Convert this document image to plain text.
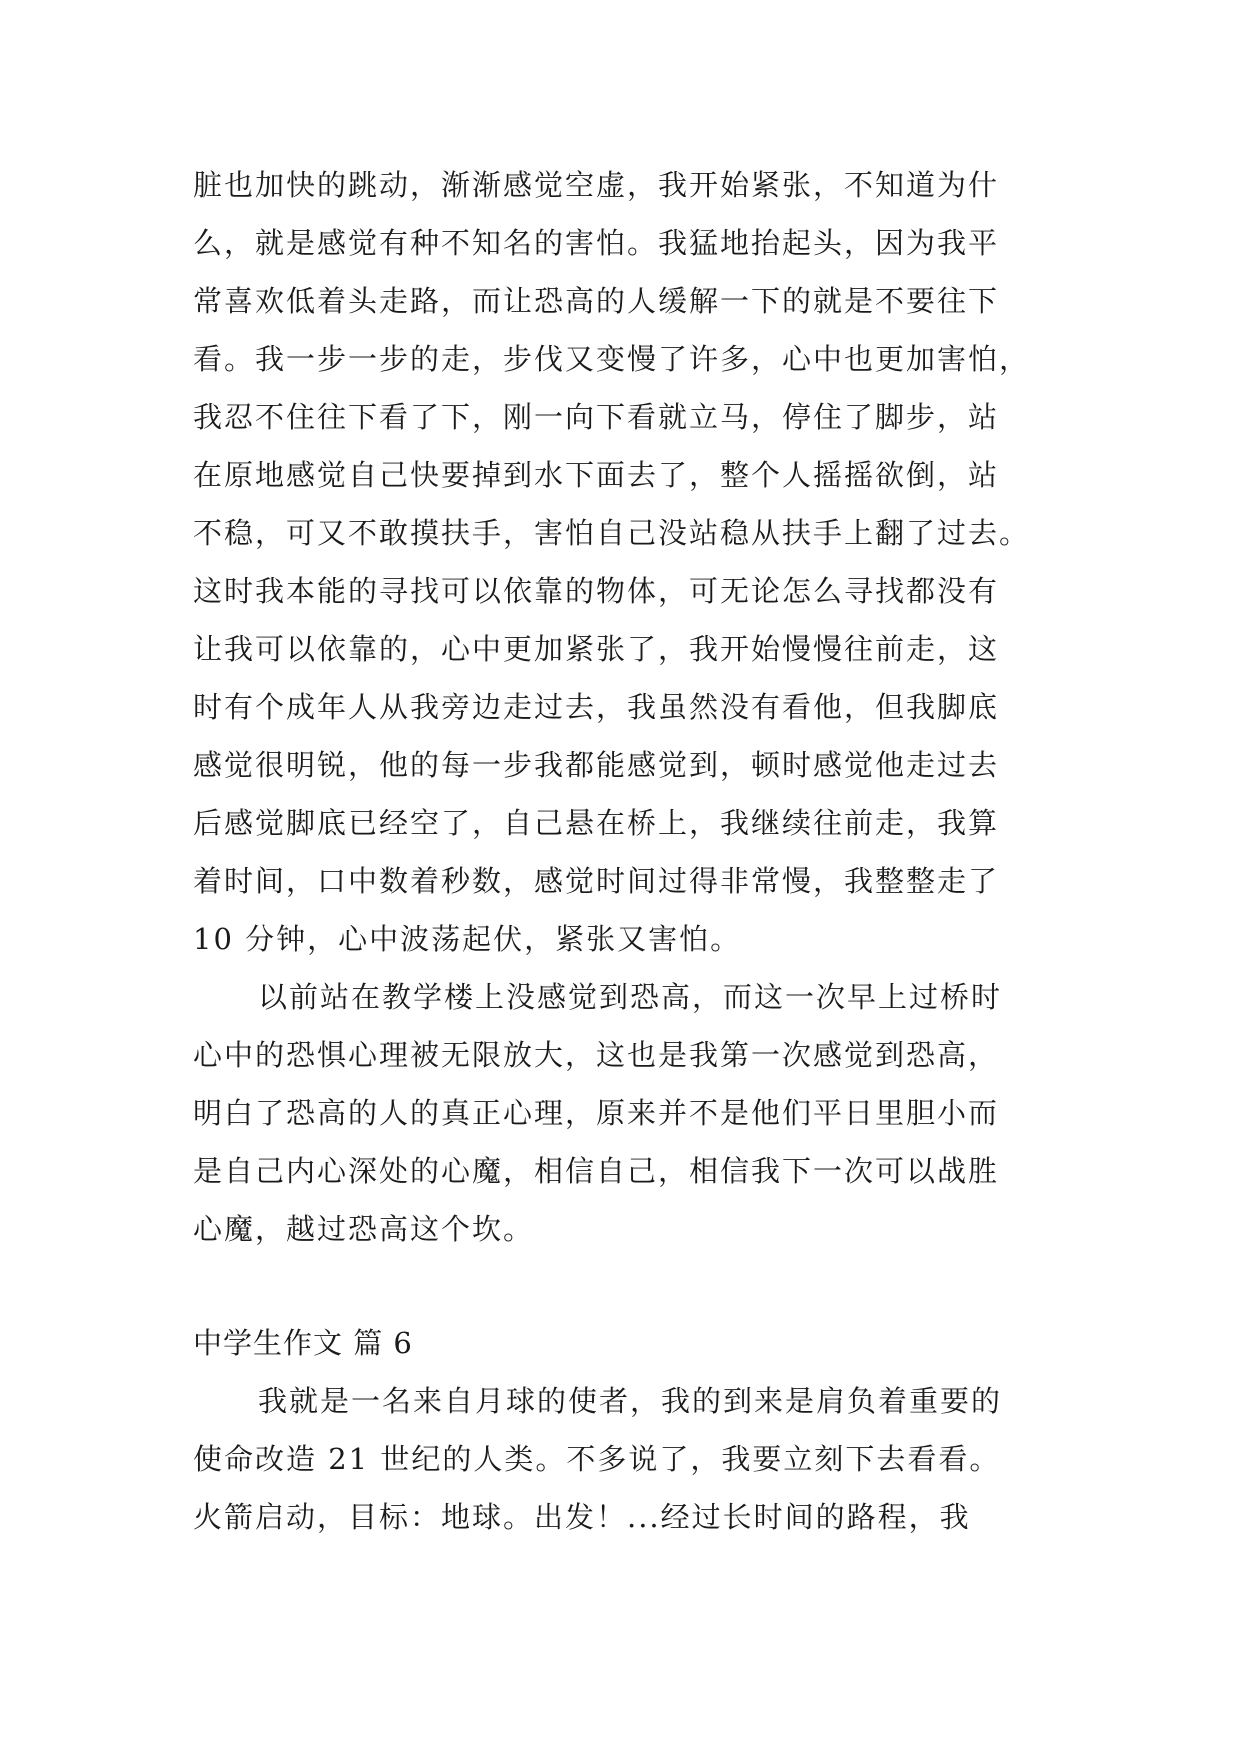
脏也加快的跳动，渐渐感觉空虚，我开始紧张，不知道为什
么，就是感觉有种不知名的害怕。我猛地抬起头，因为我平
常喜欢低着头走路，而让恐高的人缓解一下的就是不要往下
看。我一步一步的走，步伐又变慢了许多，心中也更加害怕，
我忍不住往下看了下，刚一向下看就立马，停住了脚步，站
在原地感觉自己快要掉到水下面去了，整个人摇摇欲倒，站
不稳，可又不敢摸扶手，害怕自己没站稳从扶手上翻了过去。
这时我本能的寻找可以依靠的物体，可无论怎么寻找都没有
让我可以依靠的，心中更加紧张了，我开始慢慢往前走，这
时有个成年人从我旁边走过去，我虽然没有看他，但我脚底
感觉很明锐，他的每一步我都能感觉到，顿时感觉他走过去
后感觉脚底已经空了，自己悬在桥上，我继续往前走，我算
着时间，口中数着秒数，感觉时间过得非常慢，我整整走了
10 分钟，心中波荡起伏，紧张又害怕。
以前站在教学楼上没感觉到恐高，而这一次早上过桥时
心中的恐惧心理被无限放大，这也是我第一次感觉到恐高，
明白了恐高的人的真正心理，原来并不是他们平日里胆小而
是自己内心深处的心魔，相信自己，相信我下一次可以战胜
心魔，越过恐高这个坎。
中学生作文 篇 6
我就是一名来自月球的使者，我的到来是肩负着重要的
使命改造 21 世纪的人类。不多说了，我要立刻下去看看。
火箭启动，目标：地球。出发！...经过长时间的路程，我
